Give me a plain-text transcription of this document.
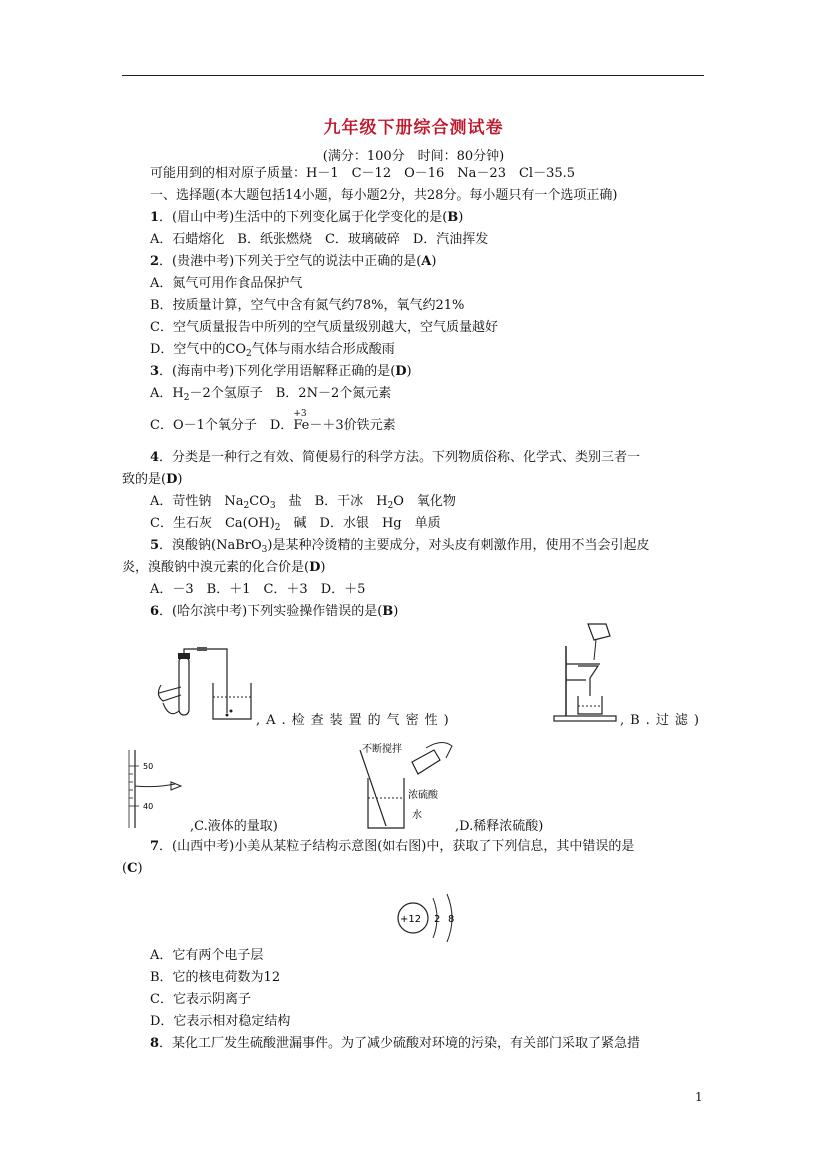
九年级下册综合测试卷
(满分：100分　时间：80分钟)
可能用到的相对原子质量：H－1　C－12　O－16　Na－23　Cl－35.5
一、选择题(本大题包括14小题，每小题2分，共28分。每小题只有一个选项正确)
1．(眉山中考)生活中的下列变化属于化学变化的是(B)
A．石蜡熔化　B．纸张燃烧　C．玻璃破碎　D．汽油挥发
2．(贵港中考)下列关于空气的说法中正确的是(A)
A．氮气可用作食品保护气
B．按质量计算，空气中含有氮气约78%，氧气约21%
C．空气质量报告中所列的空气质量级别越大，空气质量越好
D．空气中的$CO_2$气体与雨水结合形成酸雨
3．(海南中考)下列化学用语解释正确的是(D)
A．$H_2-2$个氢原子　B．2N－2个氮元素
C．O－1个氧分子　D．
+3
Fe－＋3价铁元素
4．分类是一种行之有效、简便易行的科学方法。下列物质俗称、化学式、类别三者一
致的是(D)
A．苛性钠　$Na_2CO_3$　盐　B．干冰　$H_2O$　氧化物
C．生石灰　$Ca(OH)_2$　碱　D．水银　Hg　单质
5．溴酸钠(NaBrO$_3$)是某种冷烫精的主要成分，对头皮有刺激作用，使用不当会引起皮
炎，溴酸钠中溴元素的化合价是(D)
A．－3　B．＋1　C．＋3　D．＋5
6．(哈尔滨中考)下列实验操作错误的是(B)
,A.检查装置的气密性)	,B.过滤)
50
40
,C.液体的量取)
不断搅拌
浓硫酸
水
,D.稀释浓硫酸)
7．(山西中考)小美从某粒子结构示意图(如右图)中，获取了下列信息，其中错误的是
(C)
+12 2 8
A．它有两个电子层
B．它的核电荷数为12
C．它表示阴离子
D．它表示相对稳定结构
8．某化工厂发生硫酸泄漏事件。为了减少硫酸对环境的污染，有关部门采取了紧急措
1
